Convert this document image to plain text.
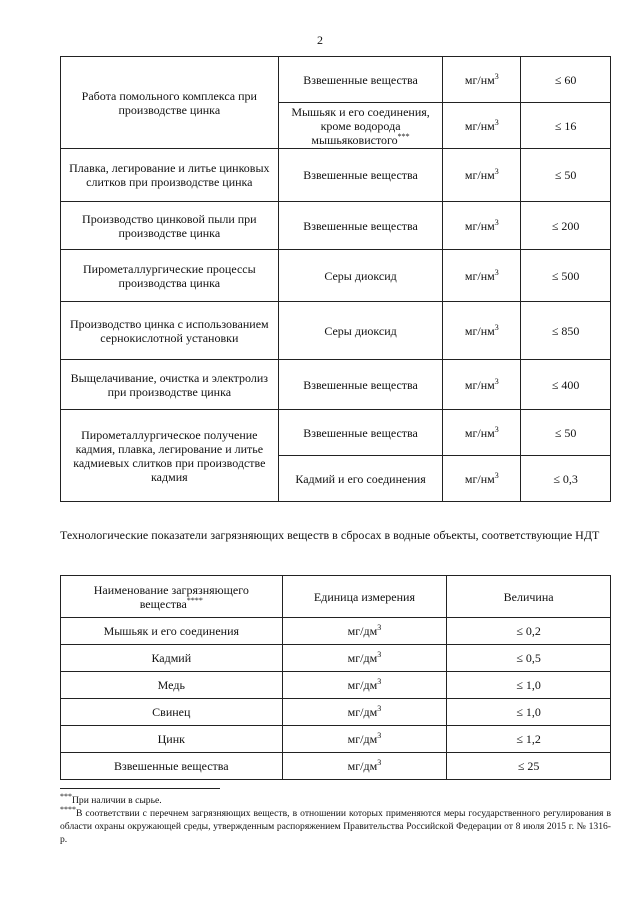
2
Работа помольного комплекса при производстве цинка	Взвешенные вещества	$мг/нм^3$	≤ 60
	Мышьяк и его соединения, кроме водорода мышьяковистого***	$мг/нм^3$	≤ 16
Плавка, легирование и литье цинковых слитков при производстве цинка	Взвешенные вещества	$мг/нм^3$	≤ 50
Производство цинковой пыли при производстве цинка	Взвешенные вещества	$мг/нм^3$	≤ 200
Пирометаллургические процессы производства цинка	Серы диоксид	$мг/нм^3$	≤ 500
Производство цинка с использованием сернокислотной установки	Серы диоксид	$мг/нм^3$	≤ 850
Выщелачивание, очистка и электролиз при производстве цинка	Взвешенные вещества	$мг/нм^3$	≤ 400
Пирометаллургическое получение кадмия, плавка, легирование и литье кадмиевых слитков при производстве кадмия	Взвешенные вещества	$мг/нм^3$	≤ 50
	Кадмий и его соединения	$мг/нм^3$	≤ 0,3
Технологические показатели загрязняющих веществ в сбросах в водные объекты, соответствующие НДТ
Наименование загрязняющего вещества****	Единица измерения	Величина
Мышьяк и его соединения	$мг/дм^3$	≤ 0,2
Кадмий	$мг/дм^3$	≤ 0,5
Медь	$мг/дм^3$	≤ 1,0
Свинец	$мг/дм^3$	≤ 1,0
Цинк	$мг/дм^3$	≤ 1,2
Взвешенные вещества	$мг/дм^3$	≤ 25

***При наличии в сырье.

****В соответствии с перечнем загрязняющих веществ, в отношении которых применяются меры государственного регулирования в области охраны окружающей среды, утвержденным распоряжением Правительства Российской Федерации от 8 июля 2015 г. № 1316-р.
